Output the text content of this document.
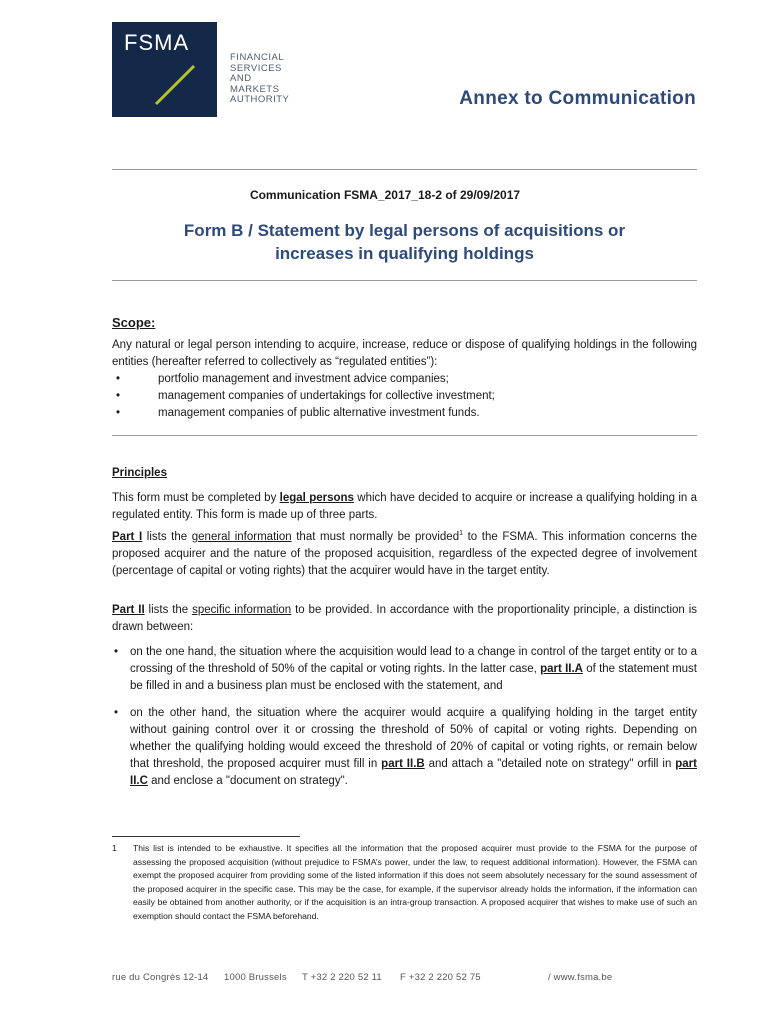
FSMA
FINANCIAL
SERVICES
AND
MARKETS
AUTHORITY	Annex to Communication
Communication FSMA_2017_18-2 of 29/09/2017
Form B / Statement by legal persons of acquisitions or
increases in qualifying holdings
Scope:
Any natural or legal person intending to acquire, increase, reduce or dispose of qualifying holdings in the following entities (hereafter referred to collectively as “regulated entities”):
•	portfolio management and investment advice companies;
•	management companies of undertakings for collective investment;
•	management companies of public alternative investment funds.
Principles
This form must be completed by legal persons which have decided to acquire or increase a qualifying holding in a regulated entity. This form is made up of three parts.
Part I lists the general information that must normally be provided$^1$ to the FSMA. This information concerns the proposed acquirer and the nature of the proposed acquisition, regardless of the expected degree of involvement (percentage of capital or voting rights) that the acquirer would have in the target entity.
Part II lists the specific information to be provided. In accordance with the proportionality principle, a distinction is drawn between:
• on the one hand, the situation where the acquisition would lead to a change in control of the target entity or to a crossing of the threshold of 50% of the capital or voting rights. In the latter case, part II.A of the statement must be filled in and a business plan must be enclosed with the statement, and
• on the other hand, the situation where the acquirer would acquire a qualifying holding in the target entity without gaining control over it or crossing the threshold of 50% of capital or voting rights. Depending on whether the qualifying holding would exceed the threshold of 20% of capital or voting rights, or remain below that threshold, the proposed acquirer must fill in part II.B and attach a "detailed note on strategy" orfill in part II.C and enclose a "document on strategy".
1 This list is intended to be exhaustive. It specifies all the information that the proposed acquirer must provide to the FSMA for the purpose of assessing the proposed acquisition (without prejudice to FSMA’s power, under the law, to request additional information). However, the FSMA can exempt the proposed acquirer from providing some of the listed information if this does not seem absolutely necessary for the sound assessment of the proposed acquirer in the specific case. This may be the case, for example, if the supervisor already holds the information, if the information can easily be obtained from another authority, or if the acquisition is an intra-group transaction. A proposed acquirer that wishes to make use of such an exemption should contact the FSMA beforehand.
rue du Congrès 12-14 1000 Brussels T +32 2 220 52 11 F +32 2 220 52 75	/ www.fsma.be
